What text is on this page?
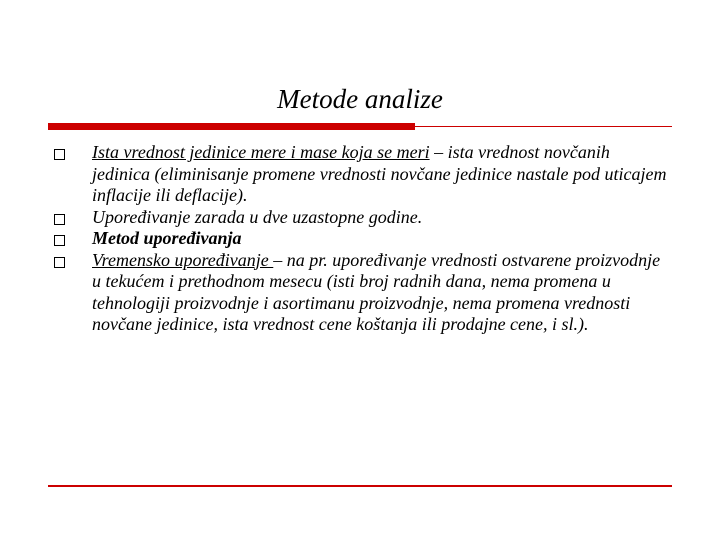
Metode analize
Ista vrednost jedinice mere i mase koja se meri – ista vrednost novčanih jedinica (eliminisanje promene vrednosti novčane jedinice nastale pod uticajem inflacije ili deflacije).
Upoređivanje zarada u dve uzastopne godine.
Metod upoređivanja
Vremensko upoređivanje – na pr. upoređivanje vrednosti ostvarene proizvodnje u tekućem i prethodnom mesecu (isti broj radnih dana, nema promena u tehnologiji proizvodnje i asortimanu proizvodnje, nema promena vrednosti novčane jedinice, ista vrednost cene koštanja ili prodajne cene, i sl.).
